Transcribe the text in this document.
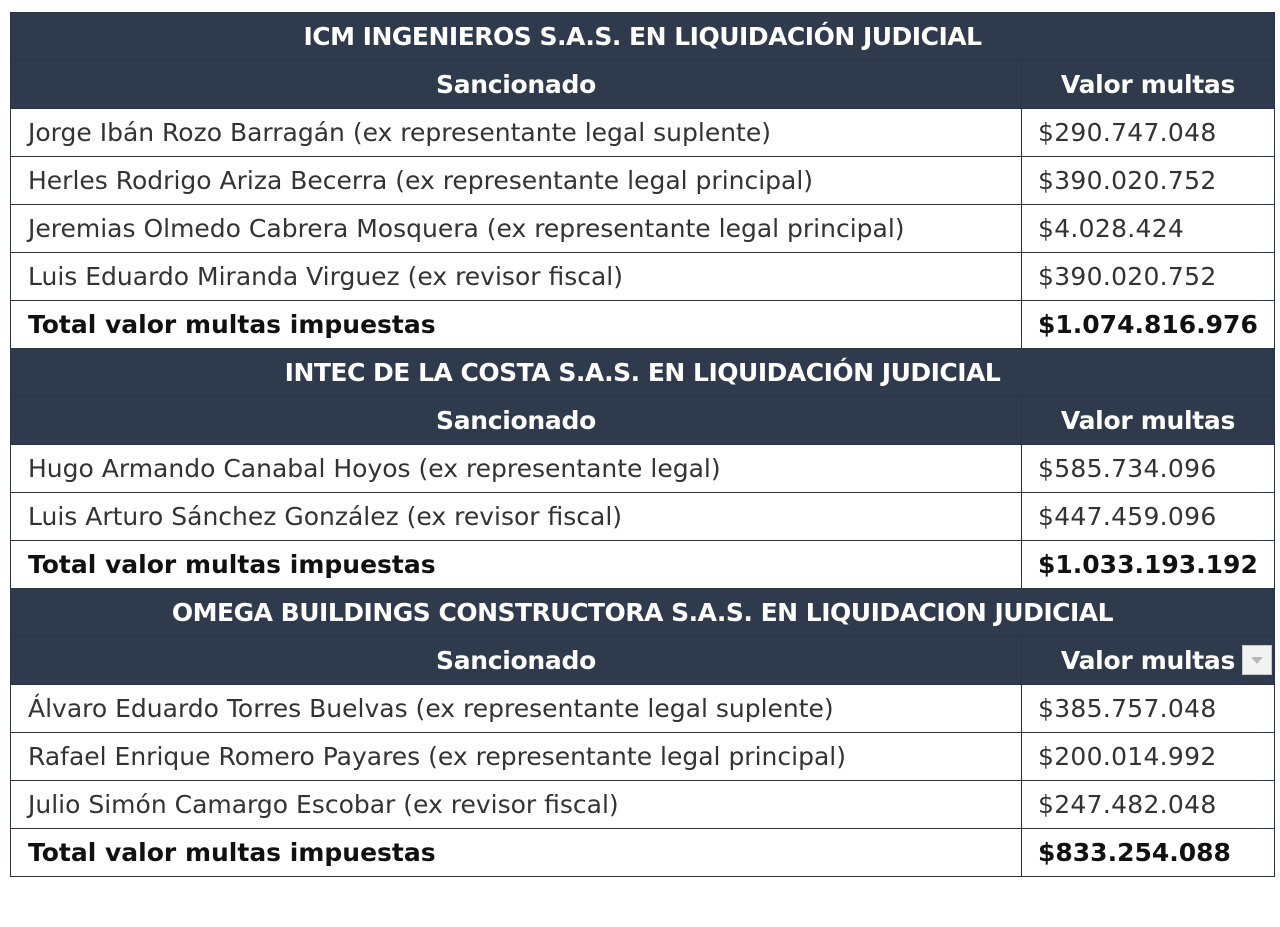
ICM INGENIEROS S.A.S. EN LIQUIDACIÓN JUDICIAL	
Sancionado	Valor multas
Jorge Ibán Rozo Barragán (ex representante legal suplente)	$290.747.048
Herles Rodrigo Ariza Becerra (ex representante legal principal)	$390.020.752
Jeremias Olmedo Cabrera Mosquera (ex representante legal principal)	$4.028.424
Luis Eduardo Miranda Virguez (ex revisor fiscal)	$390.020.752
Total valor multas impuestas	$1.074.816.976
INTEC DE LA COSTA S.A.S. EN LIQUIDACIÓN JUDICIAL	
Sancionado	Valor multas
Hugo Armando Canabal Hoyos (ex representante legal)	$585.734.096
Luis Arturo Sánchez González (ex revisor fiscal)	$447.459.096
Total valor multas impuestas	$1.033.193.192
OMEGA BUILDINGS CONSTRUCTORA S.A.S. EN LIQUIDACION JUDICIAL	
Sancionado	Valor multas

Álvaro Eduardo Torres Buelvas (ex representante legal suplente)	$385.757.048
Rafael Enrique Romero Payares (ex representante legal principal)	$200.014.992
Julio Simón Camargo Escobar (ex revisor fiscal)	$247.482.048
Total valor multas impuestas	$833.254.088
